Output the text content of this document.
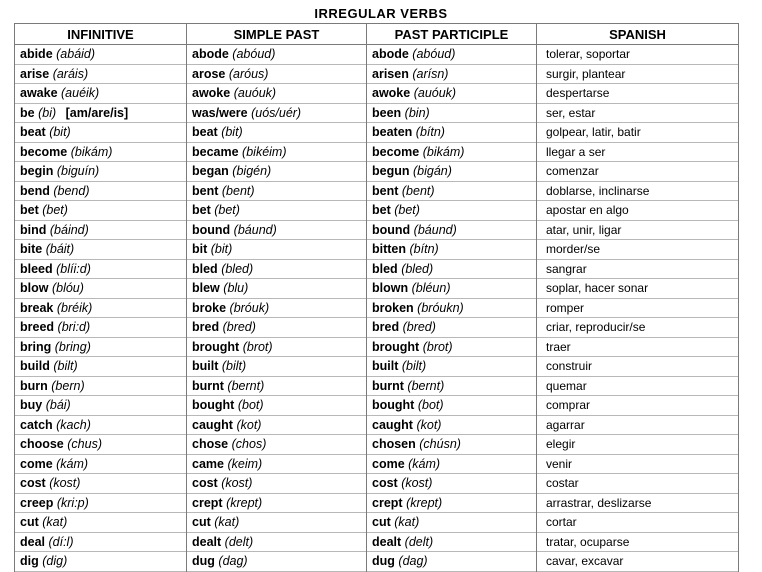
IRREGULAR VERBS
INFINITIVE	SIMPLE PAST	PAST PARTICIPLE	SPANISH
abide (abáid)	abode (abóud)	abode (abóud)	tolerar, soportar
arise (aráis)	arose (aróus)	arisen (arísn)	surgir, plantear
awake (auéik)	awoke (auóuk)	awoke (auóuk)	despertarse
be (bi) [am/are/is]	was/were (uós/uér)	been (bin)	ser, estar
beat (bit)	beat (bit)	beaten (bítn)	golpear, latir, batir
become (bikám)	became (bikéim)	become (bikám)	llegar a ser
begin (biguín)	began (bigén)	begun (bigán)	comenzar
bend (bend)	bent (bent)	bent (bent)	doblarse, inclinarse
bet (bet)	bet (bet)	bet (bet)	apostar en algo
bind (báind)	bound (báund)	bound (báund)	atar, unir, ligar
bite (báit)	bit (bit)	bitten (bítn)	morder/se
bleed (blíi:d)	bled (bled)	bled (bled)	sangrar
blow (blóu)	blew (blu)	blown (bléun)	soplar, hacer sonar
break (bréik)	broke (bróuk)	broken (bróukn)	romper
breed (bri:d)	bred (bred)	bred (bred)	criar, reproducir/se
bring (bring)	brought (brot)	brought (brot)	traer
build (bilt)	built (bilt)	built (bilt)	construir
burn (bern)	burnt (bernt)	burnt (bernt)	quemar
buy (bái)	bought (bot)	bought (bot)	comprar
catch (kach)	caught (kot)	caught (kot)	agarrar
choose (chus)	chose (chos)	chosen (chúsn)	elegir
come (kám)	came (keim)	come (kám)	venir
cost (kost)	cost (kost)	cost (kost)	costar
creep (kri:p)	crept (krept)	crept (krept)	arrastrar, deslizarse
cut (kat)	cut (kat)	cut (kat)	cortar
deal (dí:l)	dealt (delt)	dealt (delt)	tratar, ocuparse
dig (dig)	dug (dag)	dug (dag)	cavar, excavar
